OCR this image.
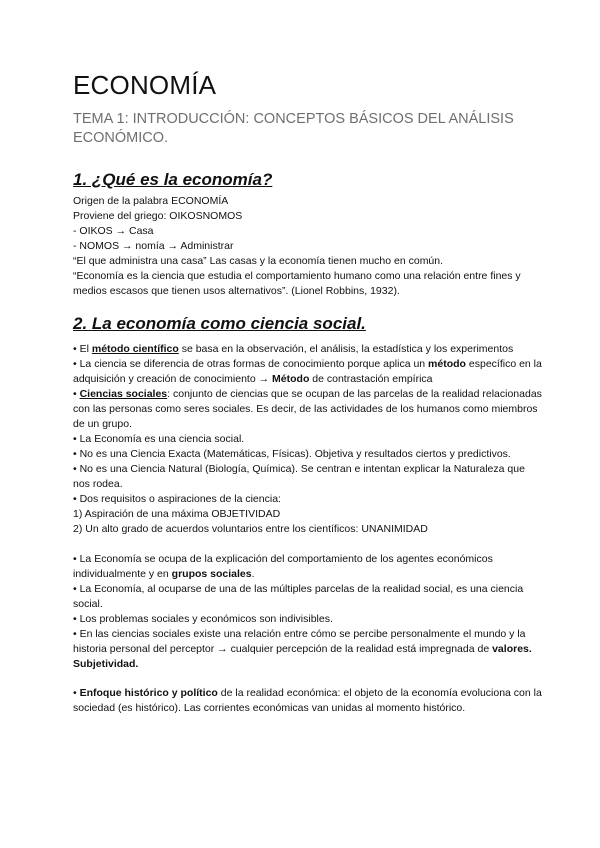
ECONOMÍA

TEMA 1: INTRODUCCIÓN: CONCEPTOS BÁSICOS DEL ANÁLISIS ECONÓMICO.

1. ¿Qué es la economía?
Origen de la palabra ECONOMÍA
Proviene del griego: OIKOSNOMOS
- OIKOS → Casa
- NOMOS → nomía → Administrar
“El que administra una casa” Las casas y la economía tienen mucho en común.
“Economía es la ciencia que estudia el comportamiento humano como una relación entre fines y medios escasos que tienen usos alternativos”. (Lionel Robbins, 1932).
2. La economía como ciencia social.
• El método científico se basa en la observación, el análisis, la estadística y los experimentos
• La ciencia se diferencia de otras formas de conocimiento porque aplica un método específico en la adquisición y creación de conocimiento → Método de contrastación empírica
• Ciencias sociales: conjunto de ciencias que se ocupan de las parcelas de la realidad relacionadas con las personas como seres sociales. Es decir, de las actividades de los humanos como miembros de un grupo.
• La Economía es una ciencia social.
• No es una Ciencia Exacta (Matemáticas, Físicas). Objetiva y resultados ciertos y predictivos.
• No es una Ciencia Natural (Biología, Química). Se centran e intentan explicar la Naturaleza que nos rodea.
• Dos requisitos o aspiraciones de la ciencia:
1) Aspiración de una máxima OBJETIVIDAD
2) Un alto grado de acuerdos voluntarios entre los científicos: UNANIMIDAD
• La Economía se ocupa de la explicación del comportamiento de los agentes económicos individualmente y en grupos sociales.
• La Economía, al ocuparse de una de las múltiples parcelas de la realidad social, es una ciencia social.
• Los problemas sociales y económicos son indivisibles.
• En las ciencias sociales existe una relación entre cómo se percibe personalmente el mundo y la historia personal del perceptor → cualquier percepción de la realidad está impregnada de valores. Subjetividad.
• Enfoque histórico y político de la realidad económica: el objeto de la economía evoluciona con la sociedad (es histórico). Las corrientes económicas van unidas al momento histórico.
